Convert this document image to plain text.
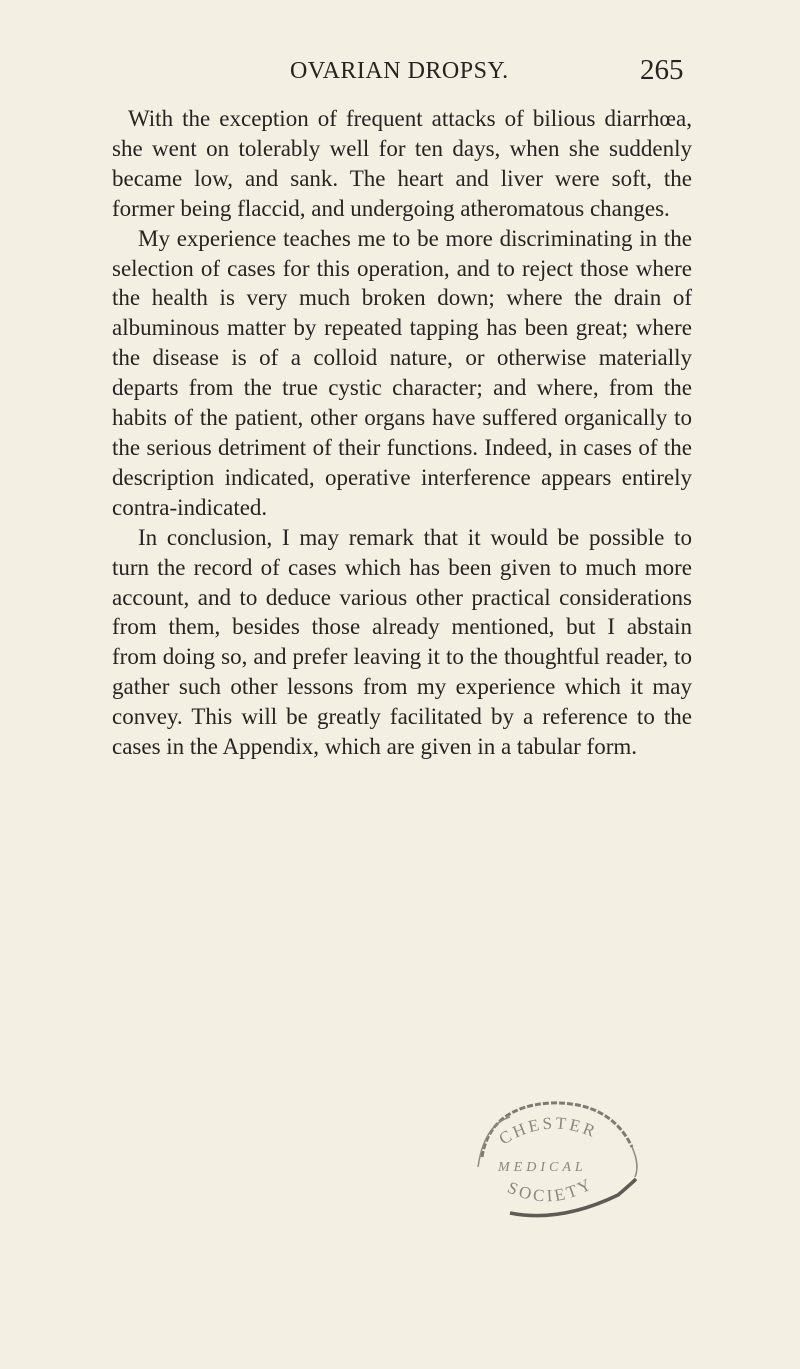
OVARIAN DROPSY.	265

With the exception of frequent attacks of bilious diarrhœa, she went on tolerably well for ten days, when she suddenly became low, and sank. The heart and liver were soft, the former being flaccid, and undergoing atheromatous changes.

My experience teaches me to be more discriminating in the selection of cases for this operation, and to reject those where the health is very much broken down; where the drain of albuminous matter by repeated tapping has been great; where the disease is of a colloid nature, or otherwise materially departs from the true cystic character; and where, from the habits of the patient, other organs have suffered organically to the serious detriment of their functions. Indeed, in cases of the description indicated, operative interference appears entirely contra-indicated.

In conclusion, I may remark that it would be possible to turn the record of cases which has been given to much more account, and to deduce various other practical considerations from them, besides those already mentioned, but I abstain from doing so, and prefer leaving it to the thoughtful reader, to gather such other lessons from my experience which it may convey. This will be greatly facilitated by a reference to the cases in the Appendix, which are given in a tabular form.

CHESTER
MEDICAL
SOCIETY
